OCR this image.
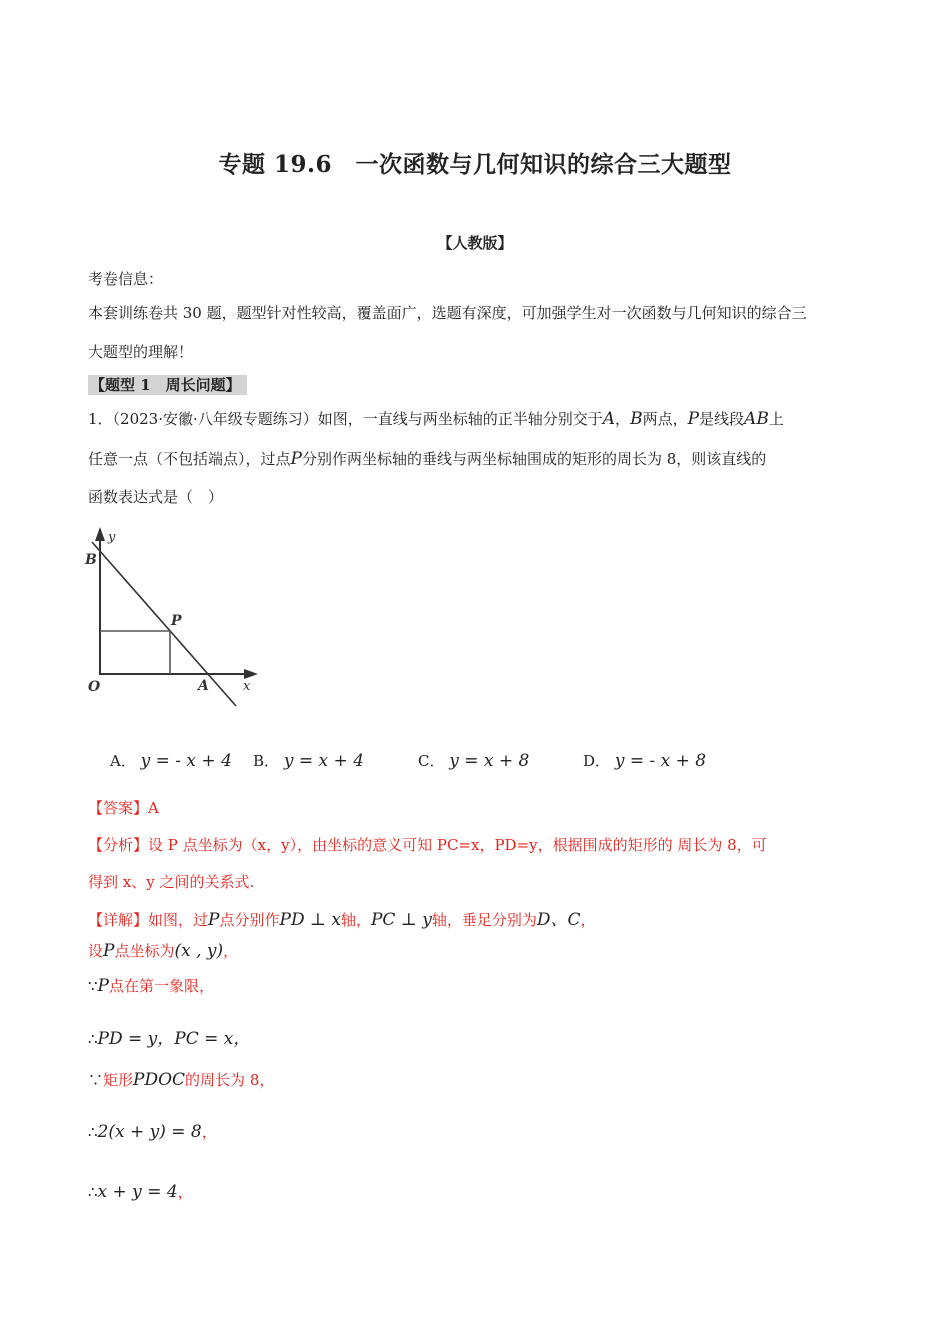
专题 19.6　一次函数与几何知识的综合三大题型
【人教版】
考卷信息：
本套训练卷共 30 题，题型针对性较高，覆盖面广，选题有深度，可加强学生对一次函数与几何知识的综合三
大题型的理解！
【题型 1　周长问题】
1．（2023·安徽·八年级专题练习）如图，一直线与两坐标轴的正半轴分别交于A，B两点，P是线段AB上
任意一点（不包括端点），过点P分别作两坐标轴的垂线与两坐标轴围成的矩形的周长为 8，则该直线的
函数表达式是（　）
y
x
O
B
P
A
A． y = - x + 4 B． y = x + 4	C． y = x + 8	D． y = - x + 8
【答案】A
【分析】设 P 点坐标为（x，y），由坐标的意义可知 PC=x，PD=y，根据围成的矩形的 周长为 8，可
得到 x、y 之间的关系式.
【详解】如图，过P点分别作PD ⊥ x轴，PC ⊥ y轴，垂足分别为D、C，
设P点坐标为(x , y)，
∵P点在第一象限，
∴PD = y，PC = x，
∵矩形PDOC的周长为 8，
∴2(x + y) = 8，
∴x + y = 4，
